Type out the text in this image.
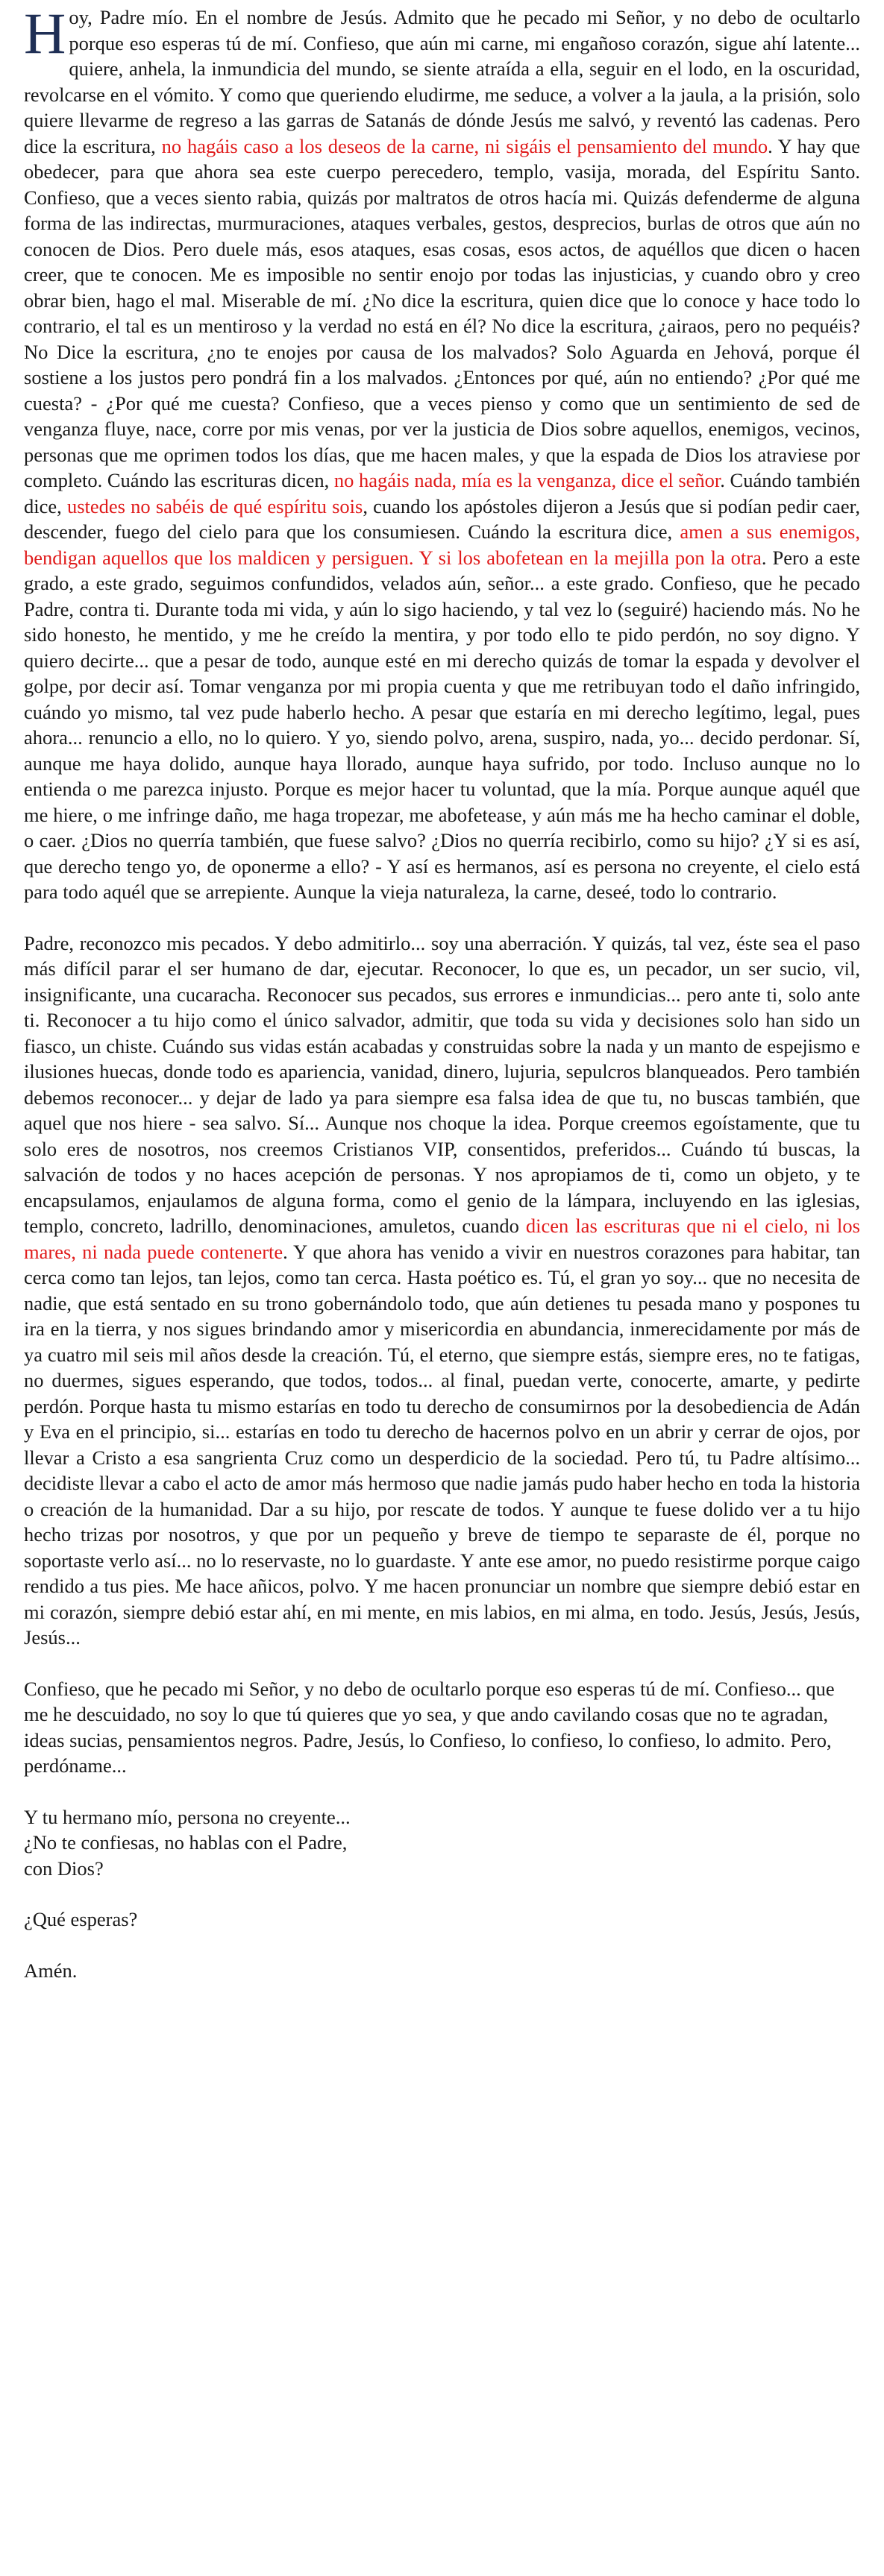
Hoy, Padre mío. En el nombre de Jesús. Admito que he pecado mi Señor, y no debo de ocultarlo porque eso esperas tú de mí. Confieso, que aún mi carne, mi engañoso corazón, sigue ahí latente... quiere, anhela, la inmundicia del mundo, se siente atraída a ella, seguir en el lodo, en la oscuridad, revolcarse en el vómito. Y como que queriendo eludirme, me seduce, a volver a la jaula, a la prisión, solo quiere llevarme de regreso a las garras de Satanás de dónde Jesús me salvó, y reventó las cadenas. Pero dice la escritura, no hagáis caso a los deseos de la carne, ni sigáis el pensamiento del mundo. Y hay que obedecer, para que ahora sea este cuerpo perecedero, templo, vasija, morada, del Espíritu Santo. Confieso, que a veces siento rabia, quizás por maltratos de otros hacía mi. Quizás defenderme de alguna forma de las indirectas, murmuraciones, ataques verbales, gestos, desprecios, burlas de otros que aún no conocen de Dios. Pero duele más, esos ataques, esas cosas, esos actos, de aquéllos que dicen o hacen creer, que te conocen. Me es imposible no sentir enojo por todas las injusticias, y cuando obro y creo obrar bien, hago el mal. Miserable de mí. ¿No dice la escritura, quien dice que lo conoce y hace todo lo contrario, el tal es un mentiroso y la verdad no está en él? No dice la escritura, ¿airaos, pero no pequéis? No Dice la escritura, ¿no te enojes por causa de los malvados? Solo Aguarda en Jehová, porque él sostiene a los justos pero pondrá fin a los malvados. ¿Entonces por qué, aún no entiendo? ¿Por qué me cuesta? - ¿Por qué me cuesta? Confieso, que a veces pienso y como que un sentimiento de sed de venganza fluye, nace, corre por mis venas, por ver la justicia de Dios sobre aquellos, enemigos, vecinos, personas que me oprimen todos los días, que me hacen males, y que la espada de Dios los atraviese por completo. Cuándo las escrituras dicen, no hagáis nada, mía es la venganza, dice el señor. Cuándo también dice, ustedes no sabéis de qué espíritu sois, cuando los apóstoles dijeron a Jesús que si podían pedir caer, descender, fuego del cielo para que los consumiesen. Cuándo la escritura dice, amen a sus enemigos, bendigan aquellos que los maldicen y persiguen. Y si los abofetean en la mejilla pon la otra. Pero a este grado, a este grado, seguimos confundidos, velados aún, señor... a este grado. Confieso, que he pecado Padre, contra ti. Durante toda mi vida, y aún lo sigo haciendo, y tal vez lo (seguiré) haciendo más. No he sido honesto, he mentido, y me he creído la mentira, y por todo ello te pido perdón, no soy digno. Y quiero decirte... que a pesar de todo, aunque esté en mi derecho quizás de tomar la espada y devolver el golpe, por decir así. Tomar venganza por mi propia cuenta y que me retribuyan todo el daño infringido, cuándo yo mismo, tal vez pude haberlo hecho. A pesar que estaría en mi derecho legítimo, legal, pues ahora... renuncio a ello, no lo quiero. Y yo, siendo polvo, arena, suspiro, nada, yo... decido perdonar. Sí, aunque me haya dolido, aunque haya llorado, aunque haya sufrido, por todo. Incluso aunque no lo entienda o me parezca injusto. Porque es mejor hacer tu voluntad, que la mía. Porque aunque aquél que me hiere, o me infringe daño, me haga tropezar, me abofetease, y aún más me ha hecho caminar el doble, o caer. ¿Dios no querría también, que fuese salvo? ¿Dios no querría recibirlo, como su hijo? ¿Y si es así, que derecho tengo yo, de oponerme a ello? - Y así es hermanos, así es persona no creyente, el cielo está para todo aquél que se arrepiente. Aunque la vieja naturaleza, la carne, deseé, todo lo contrario.

Padre, reconozco mis pecados. Y debo admitirlo... soy una aberración. Y quizás, tal vez, éste sea el paso más difícil parar el ser humano de dar, ejecutar. Reconocer, lo que es, un pecador, un ser sucio, vil, insignificante, una cucaracha. Reconocer sus pecados, sus errores e inmundicias... pero ante ti, solo ante ti. Reconocer a tu hijo como el único salvador, admitir, que toda su vida y decisiones solo han sido un fiasco, un chiste. Cuándo sus vidas están acabadas y construidas sobre la nada y un manto de espejismo e ilusiones huecas, donde todo es apariencia, vanidad, dinero, lujuria, sepulcros blanqueados. Pero también debemos reconocer... y dejar de lado ya para siempre esa falsa idea de que tu, no buscas también, que aquel que nos hiere - sea salvo. Sí... Aunque nos choque la idea. Porque creemos egoístamente, que tu solo eres de nosotros, nos creemos Cristianos VIP, consentidos, preferidos... Cuándo tú buscas, la salvación de todos y no haces acepción de personas. Y nos apropiamos de ti, como un objeto, y te encapsulamos, enjaulamos de alguna forma, como el genio de la lámpara, incluyendo en las iglesias, templo, concreto, ladrillo, denominaciones, amuletos, cuando dicen las escrituras que ni el cielo, ni los mares, ni nada puede contenerte. Y que ahora has venido a vivir en nuestros corazones para habitar, tan cerca como tan lejos, tan lejos, como tan cerca. Hasta poético es. Tú, el gran yo soy... que no necesita de nadie, que está sentado en su trono gobernándolo todo, que aún detienes tu pesada mano y pospones tu ira en la tierra, y nos sigues brindando amor y misericordia en abundancia, inmerecidamente por más de ya cuatro mil seis mil años desde la creación. Tú, el eterno, que siempre estás, siempre eres, no te fatigas, no duermes, sigues esperando, que todos, todos... al final, puedan verte, conocerte, amarte, y pedirte perdón. Porque hasta tu mismo estarías en todo tu derecho de consumirnos por la desobediencia de Adán y Eva en el principio, si... estarías en todo tu derecho de hacernos polvo en un abrir y cerrar de ojos, por llevar a Cristo a esa sangrienta Cruz como un desperdicio de la sociedad. Pero tú, tu Padre altísimo... decidiste llevar a cabo el acto de amor más hermoso que nadie jamás pudo haber hecho en toda la historia o creación de la humanidad. Dar a su hijo, por rescate de todos. Y aunque te fuese dolido ver a tu hijo hecho trizas por nosotros, y que por un pequeño y breve de tiempo te separaste de él, porque no soportaste verlo así... no lo reservaste, no lo guardaste. Y ante ese amor, no puedo resistirme porque caigo rendido a tus pies. Me hace añicos, polvo. Y me hacen pronunciar un nombre que siempre debió estar en mi corazón, siempre debió estar ahí, en mi mente, en mis labios, en mi alma, en todo. Jesús, Jesús, Jesús, Jesús...

Confieso, que he pecado mi Señor, y no debo de ocultarlo porque eso esperas tú de mí. Confieso... que me he descuidado, no soy lo que tú quieres que yo sea, y que ando cavilando cosas que no te agradan, ideas sucias, pensamientos negros. Padre, Jesús, lo Confieso, lo confieso, lo confieso, lo admito. Pero,
perdóname...

Y tu hermano mío, persona no creyente...
¿No te confiesas, no hablas con el Padre,
con Dios?

¿Qué esperas?

Amén.
